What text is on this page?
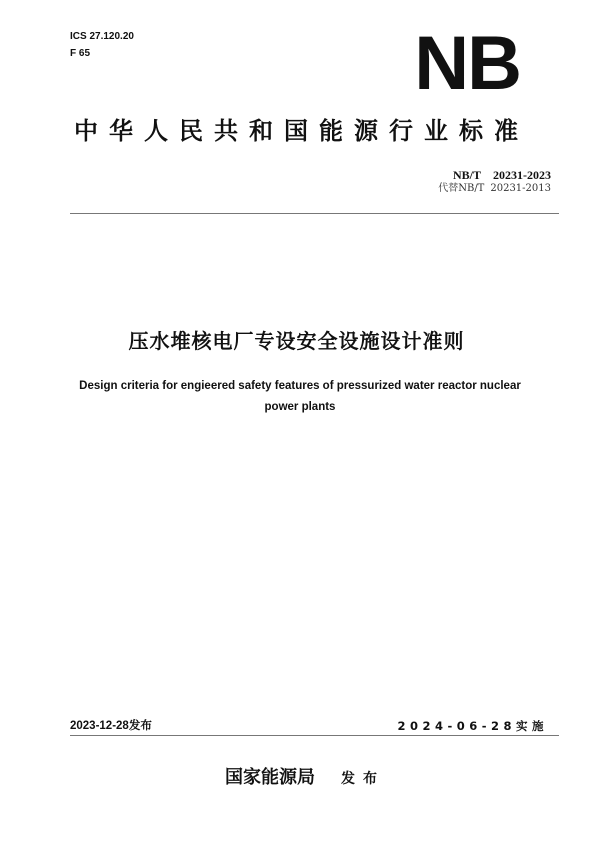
ICS 27.120.20
F 65	NB
中华人民共和国能源行业标准
NB/T 20231-2023
代替NB/T 20231-2013
压水堆核电厂专设安全设施设计准则
Design criteria for engieered safety features of pressurized water reactor nuclear
power plants
2023-12-28发布	2024-06-28实施
国家能源局 发布
